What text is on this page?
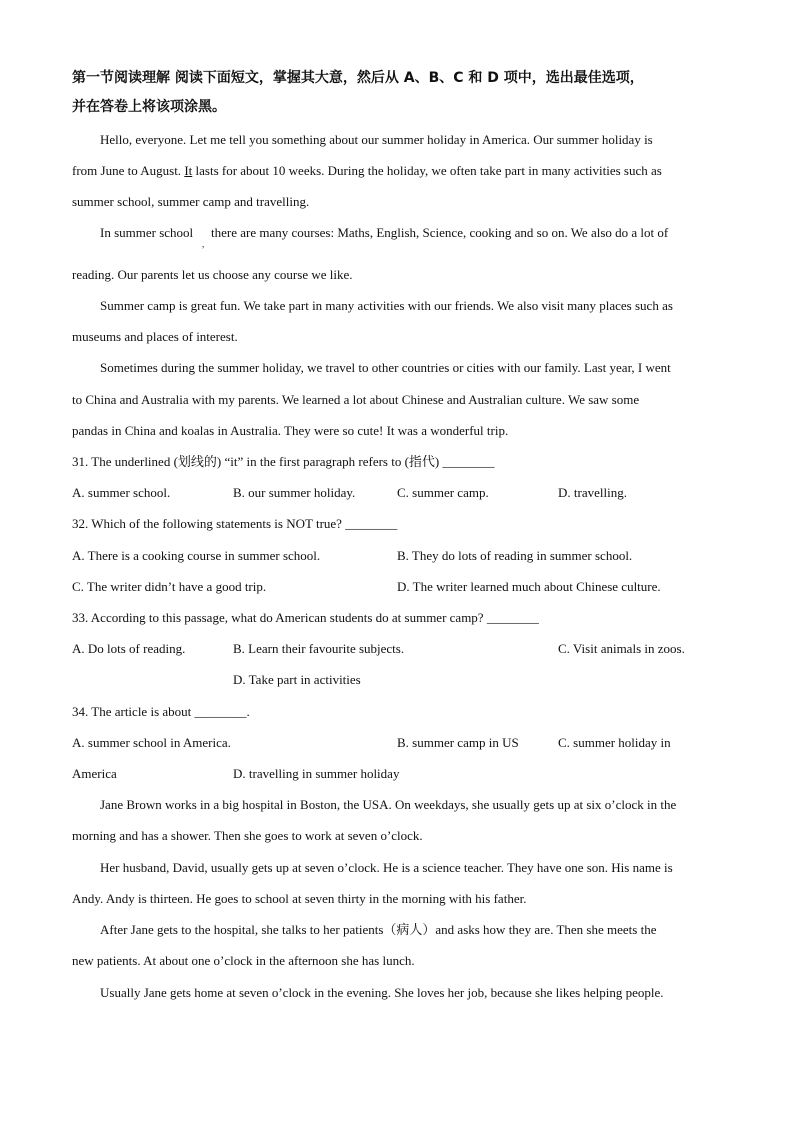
第一节阅读理解 阅读下面短文，掌握其大意，然后从 A、B、C 和 D 项中，选出最佳选项，
并在答卷上将该项涂黑。
Hello, everyone. Let me tell you something about our summer holiday in America. Our summer holiday is
from June to August. It lasts for about 10 weeks. During the holiday, we often take part in many activities such as
summer school, summer camp and travelling.
In summer school
,
there are many courses: Maths, English, Science, cooking and so on. We also do a lot of
reading. Our parents let us choose any course we like.
Summer camp is great fun. We take part in many activities with our friends. We also visit many places such as
museums and places of interest.
Sometimes during the summer holiday, we travel to other countries or cities with our family. Last year, I went
to China and Australia with my parents. We learned a lot about Chinese and Australian culture. We saw some
pandas in China and koalas in Australia. They were so cute! It was a wonderful trip.
31. The underlined (划线的) “it” in the first paragraph refers to (指代) ________
A. summer school.	B. our summer holiday.	C. summer camp.	D. travelling.
32. Which of the following statements is NOT true? ________
A. There is a cooking course in summer school.	B. They do lots of reading in summer school.
C. The writer didn’t have a good trip.	D. The writer learned much about Chinese culture.
33. According to this passage, what do American students do at summer camp? ________
A. Do lots of reading.	B. Learn their favourite subjects.	C. Visit animals in zoos.
D. Take part in activities
34. The article is about ________.
A. summer school in America.	B. summer camp in US	C. summer holiday in
America	D. travelling in summer holiday
Jane Brown works in a big hospital in Boston, the USA. On weekdays, she usually gets up at six o’clock in the
morning and has a shower. Then she goes to work at seven o’clock.
Her husband, David, usually gets up at seven o’clock. He is a science teacher. They have one son. His name is
Andy. Andy is thirteen. He goes to school at seven thirty in the morning with his father.
After Jane gets to the hospital, she talks to her patients（病人）and asks how they are. Then she meets the
new patients. At about one o’clock in the afternoon she has lunch.
Usually Jane gets home at seven o’clock in the evening. She loves her job, because she likes helping people.
